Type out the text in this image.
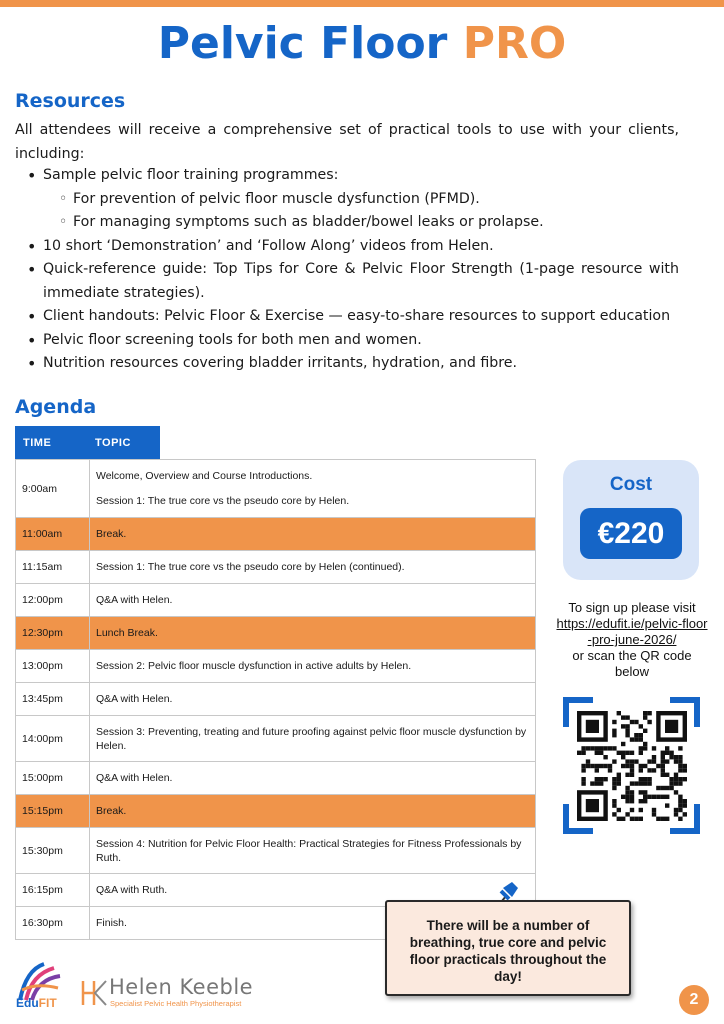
Pelvic Floor PRO
Resources

All attendees will receive a comprehensive set of practical tools to use with your clients, including:

• Sample pelvic floor training programmes:
◦ For prevention of pelvic floor muscle dysfunction (PFMD).
◦ For managing symptoms such as bladder/bowel leaks or prolapse.
• 10 short ‘Demonstration’ and ‘Follow Along’ videos from Helen.
• Quick-reference guide: Top Tips for Core & Pelvic Floor Strength (1-page resource with immediate strategies).
• Client handouts: Pelvic Floor & Exercise — easy-to-share resources to support education
• Pelvic floor screening tools for both men and women.
• Nutrition resources covering bladder irritants, hydration, and fibre.
Agenda
TIME	TOPIC
9:00am	Welcome, Overview and Course Introductions.

Session 1: The true core vs the pseudo core by Helen.

11:00am	Break.

11:15am	Session 1: The true core vs the pseudo core by Helen (continued).

12:00pm	Q&A with Helen.

12:30pm	Lunch Break.

13:00pm	Session 2: Pelvic floor muscle dysfunction in active adults by Helen.

13:45pm	Q&A with Helen.

14:00pm	Session 3: Preventing, treating and future proofing against pelvic floor muscle dysfunction by Helen.

15:00pm	Q&A with Helen.

15:15pm	Break.

15:30pm	Session 4: Nutrition for Pelvic Floor Health: Practical Strategies for Fitness Professionals by Ruth.

16:15pm	Q&A with Ruth.

16:30pm	Finish.

Cost
€220
To sign up please visit
https://edufit.ie/pelvic-floor-pro-june-2026/
or scan the QR code below
There will be a number of breathing, true core and pelvic floor practicals throughout the day!
EduFIT
Helen Keeble
Specialist Pelvic Health Physiotherapist	2
